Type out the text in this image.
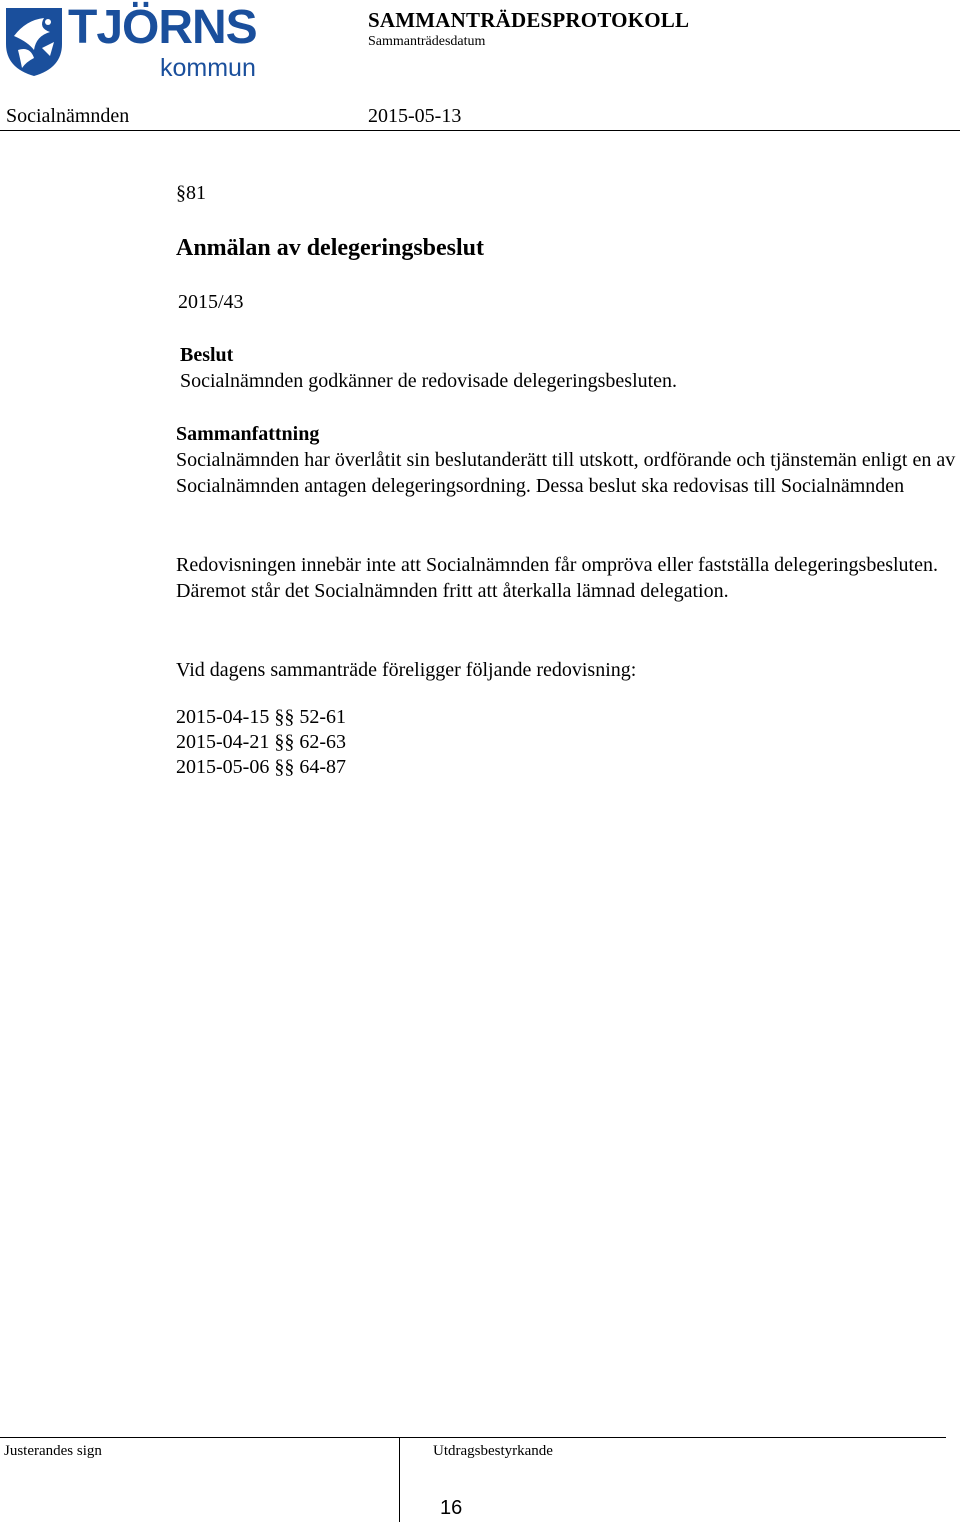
TJÖRNS
kommun
SAMMANTRÄDESPROTOKOLL
Sammanträdesdatum
Socialnämnden	2015-05-13
§81
Anmälan av delegeringsbeslut
2015/43
Beslut
Socialnämnden godkänner de redovisade delegeringsbesluten.
Sammanfattning
Socialnämnden har överlåtit sin beslutanderätt till utskott, ordförande och tjänstemän enligt en av Socialnämnden antagen delegeringsordning. Dessa beslut ska redovisas till Socialnämnden
Redovisningen innebär inte att Socialnämnden får ompröva eller fastställa delegeringsbesluten. Däremot står det Socialnämnden fritt att återkalla lämnad delegation.
Vid dagens sammanträde föreligger följande redovisning:
2015-04-15 §§ 52-61
2015-04-21 §§ 62-63
2015-05-06 §§ 64-87
Justerandes sign	Utdragsbestyrkande
16
